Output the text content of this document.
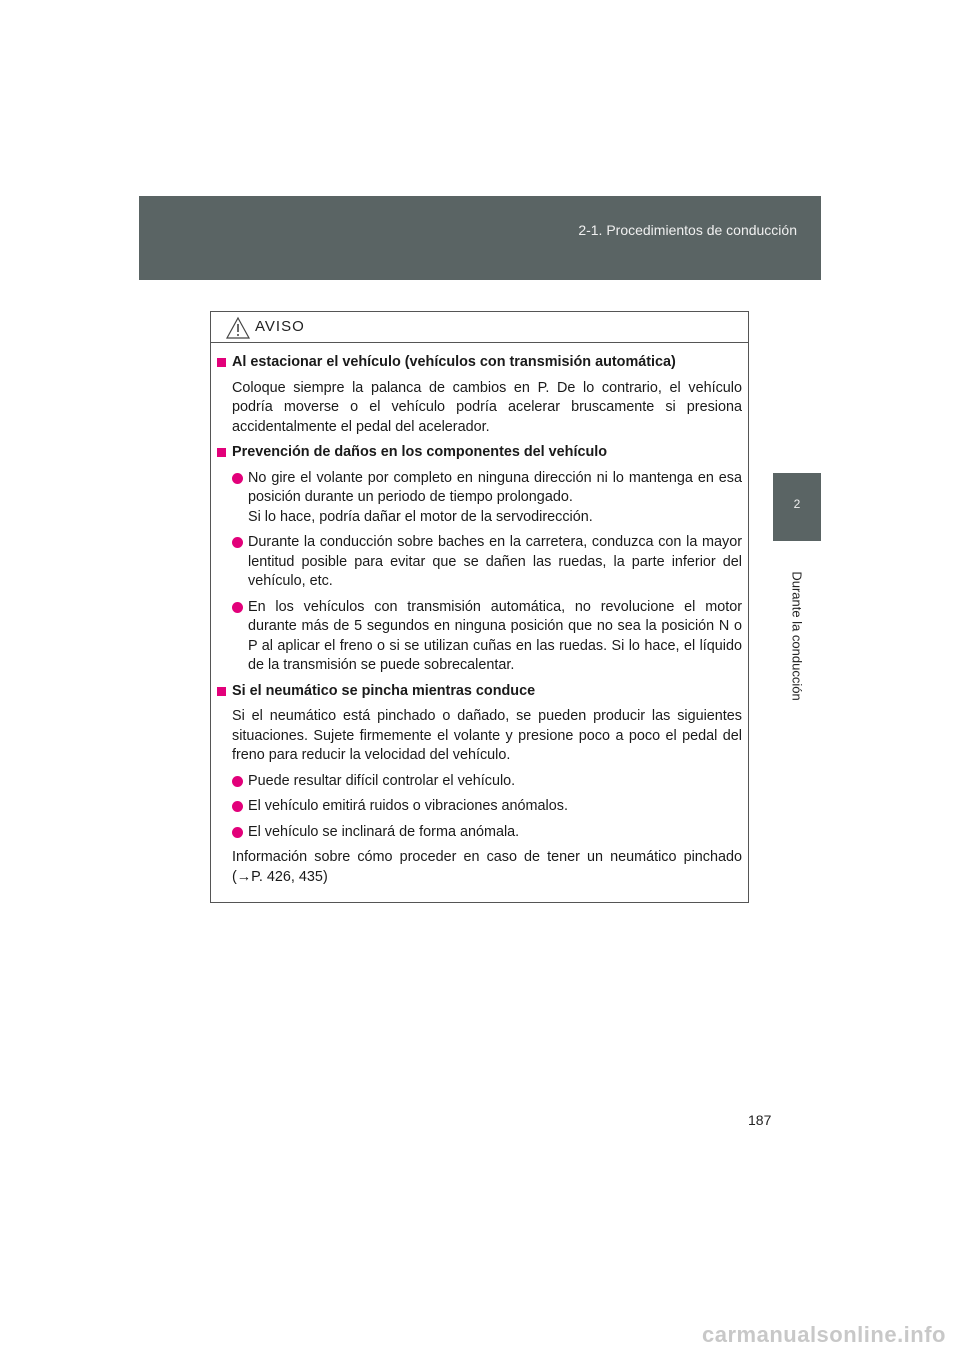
2-1. Procedimientos de conducción
2
Durante la conducción
AVISO
Al estacionar el vehículo (vehículos con transmisión automática)
Coloque siempre la palanca de cambios en P. De lo contrario, el vehículo podría moverse o el vehículo podría acelerar bruscamente si presiona accidentalmente el pedal del acelerador.
Prevención de daños en los componentes del vehículo
No gire el volante por completo en ninguna dirección ni lo mantenga en esa posición durante un periodo de tiempo prolongado.
Si lo hace, podría dañar el motor de la servodirección.
Durante la conducción sobre baches en la carretera, conduzca con la mayor lentitud posible para evitar que se dañen las ruedas, la parte inferior del vehículo, etc.
En los vehículos con transmisión automática, no revolucione el motor durante más de 5 segundos en ninguna posición que no sea la posición N o P al aplicar el freno o si se utilizan cuñas en las ruedas. Si lo hace, el líquido de la transmisión se puede sobrecalentar.
Si el neumático se pincha mientras conduce
Si el neumático está pinchado o dañado, se pueden producir las siguientes situaciones. Sujete firmemente el volante y presione poco a poco el pedal del freno para reducir la velocidad del vehículo.
Puede resultar difícil controlar el vehículo.
El vehículo emitirá ruidos o vibraciones anómalos.
El vehículo se inclinará de forma anómala.
Información sobre cómo proceder en caso de tener un neumático pinchado (→P. 426, 435)
187
carmanualsonline.info
